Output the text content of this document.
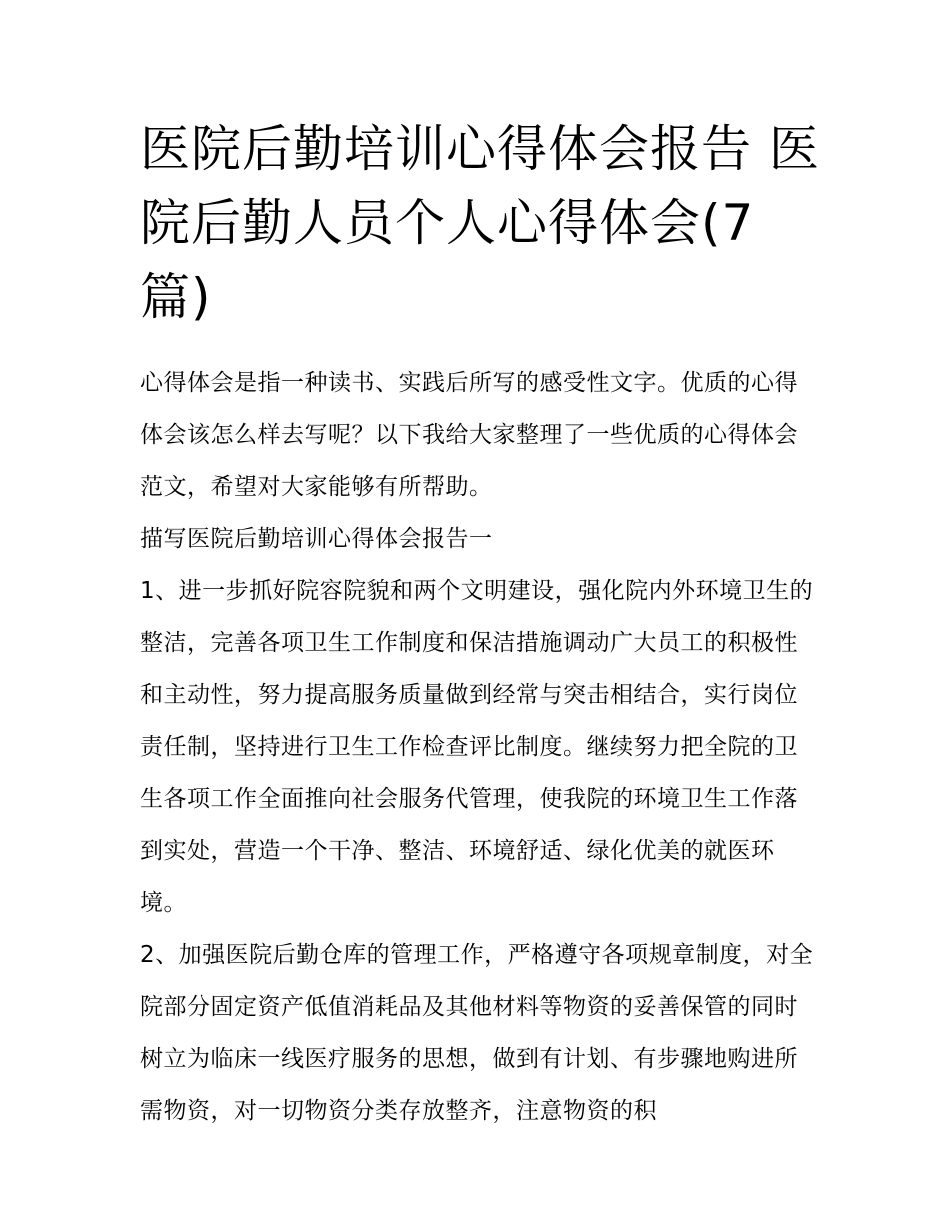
医院后勤培训心得体会报告 医院后勤人员个人心得体会(7篇)

心得体会是指一种读书、实践后所写的感受性文字。优质的心得体会该怎么样去写呢？以下我给大家整理了一些优质的心得体会范文，希望对大家能够有所帮助。

描写医院后勤培训心得体会报告一

1、进一步抓好院容院貌和两个文明建设，强化院内外环境卫生的整洁，完善各项卫生工作制度和保洁措施调动广大员工的积极性和主动性，努力提高服务质量做到经常与突击相结合，实行岗位责任制，坚持进行卫生工作检查评比制度。继续努力把全院的卫生各项工作全面推向社会服务代管理，使我院的环境卫生工作落到实处，营造一个干净、整洁、环境舒适、绿化优美的就医环境。

2、加强医院后勤仓库的管理工作，严格遵守各项规章制度，对全院部分固定资产低值消耗品及其他材料等物资的妥善保管的同时树立为临床一线医疗服务的思想，做到有计划、有步骤地购进所需物资，对一切物资分类存放整齐，注意物资的积
